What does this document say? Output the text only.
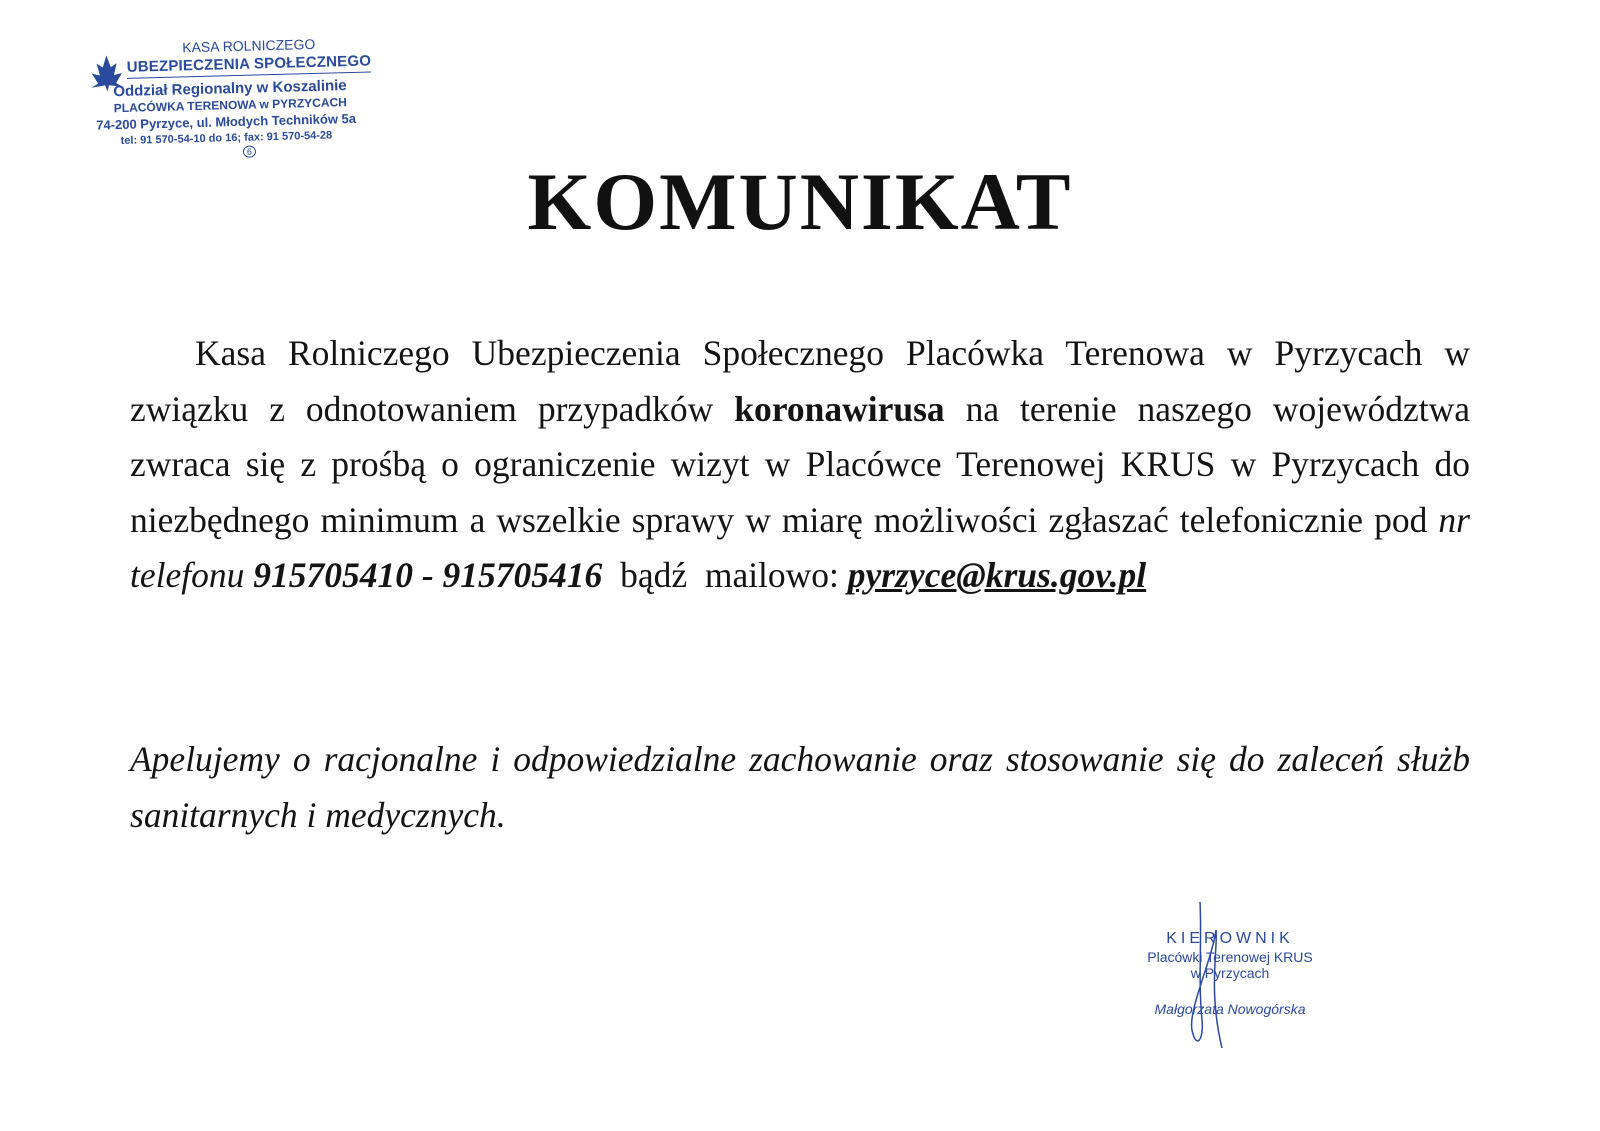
KASA ROLNICZEGO
UBEZPIECZENIA SPOŁECZNEGO
Oddział Regionalny w Koszalinie
PLACÓWKA TERENOWA w PYRZYCACH
74-200 Pyrzyce, ul. Młodych Techników 5a
tel: 91 570-54-10 do 16; fax: 91 570-54-28
6
KOMUNIKAT
Kasa Rolniczego Ubezpieczenia Społecznego Placówka Terenowa w Pyrzycach w związku z odnotowaniem przypadków koronawirusa na terenie naszego województwa zwraca się z prośbą o ograniczenie wizyt w Placówce Terenowej KRUS w Pyrzycach do niezbędnego minimum a wszelkie sprawy w miarę możliwości zgłaszać telefonicznie pod nr telefonu 915705410 - 915705416  bądź  mailowo: pyrzyce@krus.gov.pl
Apelujemy o racjonalne i odpowiedzialne zachowanie oraz stosowanie się do zaleceń służb sanitarnych i medycznych.
KIEROWNIK
Placówki Terenowej KRUS
w Pyrzycach
Małgorzata Nowogórska
